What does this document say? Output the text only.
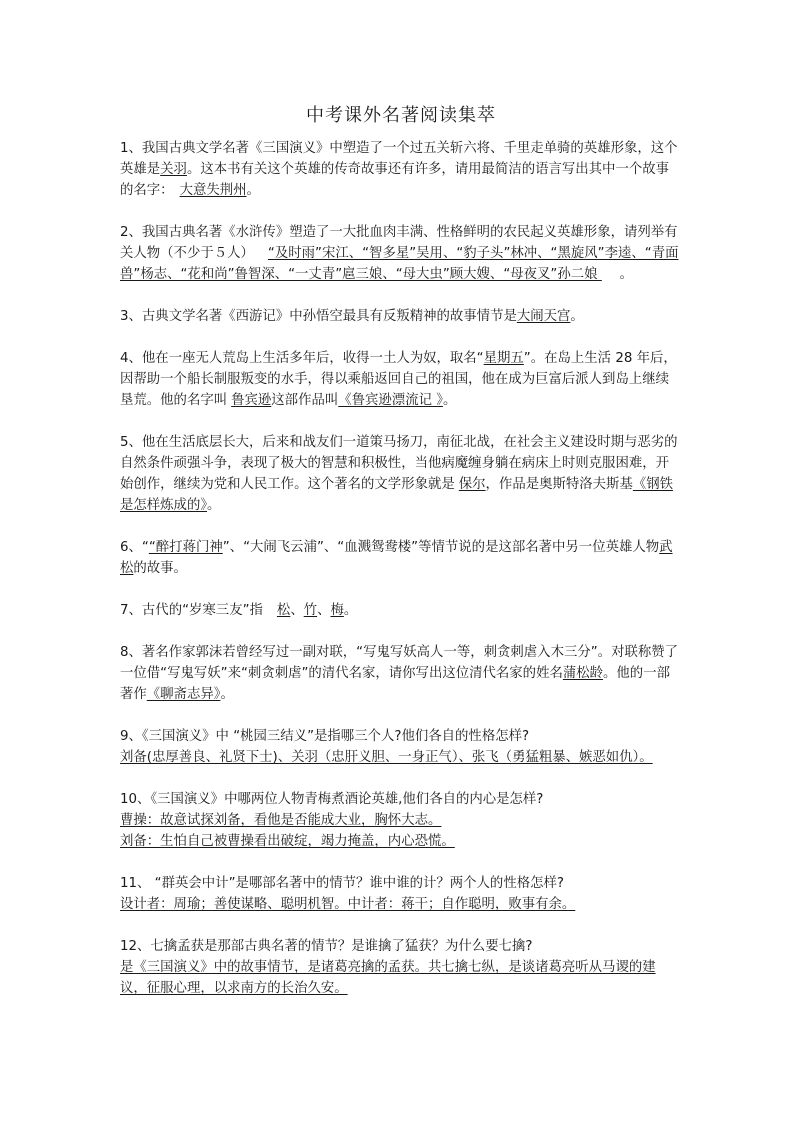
中考课外名著阅读集萃

1、我国古典文学名著《三国演义》中塑造了一个过五关斩六将、千里走单骑的英雄形象，这个英雄是关羽。这本书有关这个英雄的传奇故事还有许多，请用最简洁的语言写出其中一个故事的名字： 大意失荆州。

2、我国古典名著《水浒传》塑造了一大批血肉丰满、性格鲜明的农民起义英雄形象，请列举有关人物（不少于５人） “及时雨”宋江、“智多星”吴用、“豹子头”林冲、“黑旋风”李逵、“青面兽”杨志、“花和尚”鲁智深、“一丈青”扈三娘、“母大虫”顾大嫂、“母夜叉”孙二娘 。

3、古典文学名著《西游记》中孙悟空最具有反叛精神的故事情节是大闹天宫。

4、他在一座无人荒岛上生活多年后，收得一土人为奴，取名“星期五”。在岛上生活 28 年后，因帮助一个船长制服叛变的水手，得以乘船返回自己的祖国，他在成为巨富后派人到岛上继续垦荒。他的名字叫 鲁宾逊这部作品叫《鲁宾逊漂流记 》。

5、他在生活底层长大，后来和战友们一道策马扬刀，南征北战，在社会主义建设时期与恶劣的自然条件顽强斗争，表现了极大的智慧和积极性，当他病魔缠身躺在病床上时则克服困难，开始创作，继续为党和人民工作。这个著名的文学形象就是 保尔，作品是奥斯特洛夫斯基《钢铁是怎样炼成的》。

6、““醉打蒋门神”、“大闹飞云浦”、“血溅鸳鸯楼”等情节说的是这部名著中另一位英雄人物武松的故事。

7、古代的“岁寒三友”指 松、竹、梅。

8、著名作家郭沫若曾经写过一副对联，“写鬼写妖高人一等，刺贪刺虐入木三分”。对联称赞了一位借“写鬼写妖”来“刺贪刺虐”的清代名家，请你写出这位清代名家的姓名蒲松龄。他的一部著作《聊斋志异》。

9、《三国演义》中 “桃园三结义”是指哪三个人?他们各自的性格怎样?
刘备(忠厚善良、礼贤下士)、关羽（忠肝义胆、一身正气）、张飞（勇猛粗暴、嫉恶如仇）。

10、《三国演义》中哪两位人物青梅煮酒论英雄,他们各自的内心是怎样?
曹操：故意试探刘备，看他是否能成大业，胸怀大志。
刘备：生怕自己被曹操看出破绽，竭力掩盖，内心恐慌。

11、 “群英会中计”是哪部名著中的情节？谁中谁的计？两个人的性格怎样?
设计者：周瑜；善使谋略、聪明机智。中计者：蒋干；自作聪明，败事有余。

12、七擒孟获是那部古典名著的情节？是谁擒了猛获？为什么要七擒?
是《三国演义》中的故事情节，是诸葛亮擒的孟获。共七擒七纵，是谈诸葛亮听从马谡的建议，征服心理，以求南方的长治久安。
